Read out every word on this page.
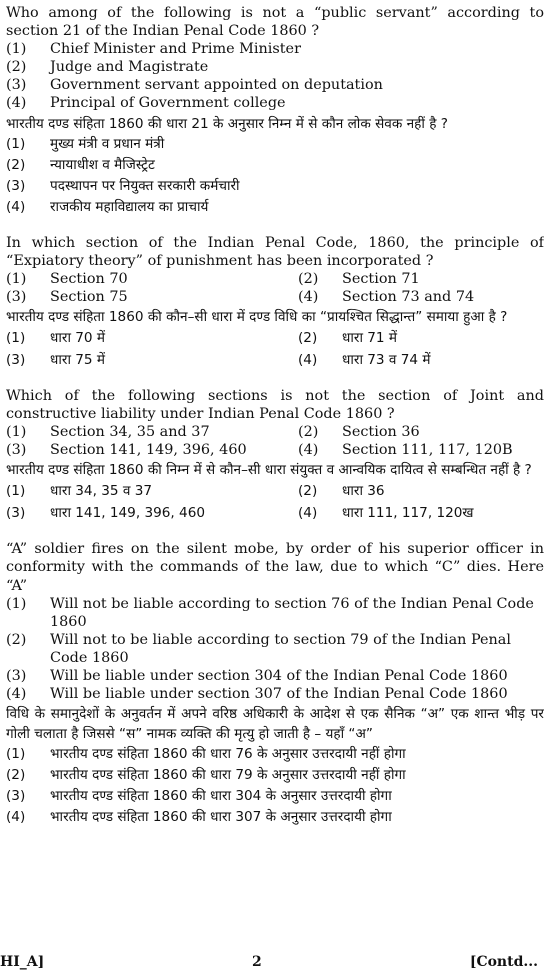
Who among of the following is not a “public servant” according to section 21 of the Indian Penal Code 1860 ?

(1)	Chief Minister and Prime Minister
(2)	Judge and Magistrate
(3)	Government servant appointed on deputation
(4)	Principal of Government college

भारतीय दण्ड संहिता 1860 की धारा 21 के अनुसार निम्न में से कौन लोक सेवक नहीं है ?

(1)	मुख्य मंत्री व प्रधान मंत्री
(2)	न्यायाधीश व मैजिस्ट्रेट
(3)	पदस्थापन पर नियुक्त सरकारी कर्मचारी
(4)	राजकीय महाविद्यालय का प्राचार्य

In which section of the Indian Penal Code, 1860, the principle of “Expiatory theory” of punishment has been incorporated ?

(1)	Section 70	(2)	Section 71
(3)	Section 75	(4)	Section 73 and 74

भारतीय दण्ड संहिता 1860 की कौन–सी धारा में दण्ड विधि का “प्रायश्चित सिद्धान्त” समाया हुआ है ?

(1)	धारा 70 में	(2)	धारा 71 में
(3)	धारा 75 में	(4)	धारा 73 व 74 में

Which of the following sections is not the section of Joint and constructive liability under Indian Penal Code 1860 ?

(1)	Section 34, 35 and 37	(2)	Section 36
(3)	Section 141, 149, 396, 460	(4)	Section 111, 117, 120B

भारतीय दण्ड संहिता 1860 की निम्न में से कौन–सी धारा संयुक्त व आन्वयिक दायित्व से सम्बन्धित नहीं है ?

(1)	धारा 34, 35 व 37	(2)	धारा 36
(3)	धारा 141, 149, 396, 460	(4)	धारा 111, 117, 120ख

“A” soldier fires on the silent mobe, by order of his superior officer in conformity with the commands of the law, due to which “C” dies. Here “A”

(1)	Will not be liable according to section 76 of the Indian Penal Code 1860
(2)	Will not to be liable according to section 79 of the Indian Penal Code 1860
(3)	Will be liable under section 304 of the Indian Penal Code 1860
(4)	Will be liable under section 307 of the Indian Penal Code 1860

विधि के समानुदेशों के अनुवर्तन में अपने वरिष्ठ अधिकारी के आदेश से एक सैनिक “अ” एक शान्त भीड़ पर गोली चलाता है जिससे “स” नामक व्यक्ति की मृत्यु हो जाती है – यहाँ “अ”

(1)	भारतीय दण्ड संहिता 1860 की धारा 76 के अनुसार उत्तरदायी नहीं होगा
(2)	भारतीय दण्ड संहिता 1860 की धारा 79 के अनुसार उत्तरदायी नहीं होगा
(3)	भारतीय दण्ड संहिता 1860 की धारा 304 के अनुसार उत्तरदायी होगा
(4)	भारतीय दण्ड संहिता 1860 की धारा 307 के अनुसार उत्तरदायी होगा
HI_A]	2	[Contd...
